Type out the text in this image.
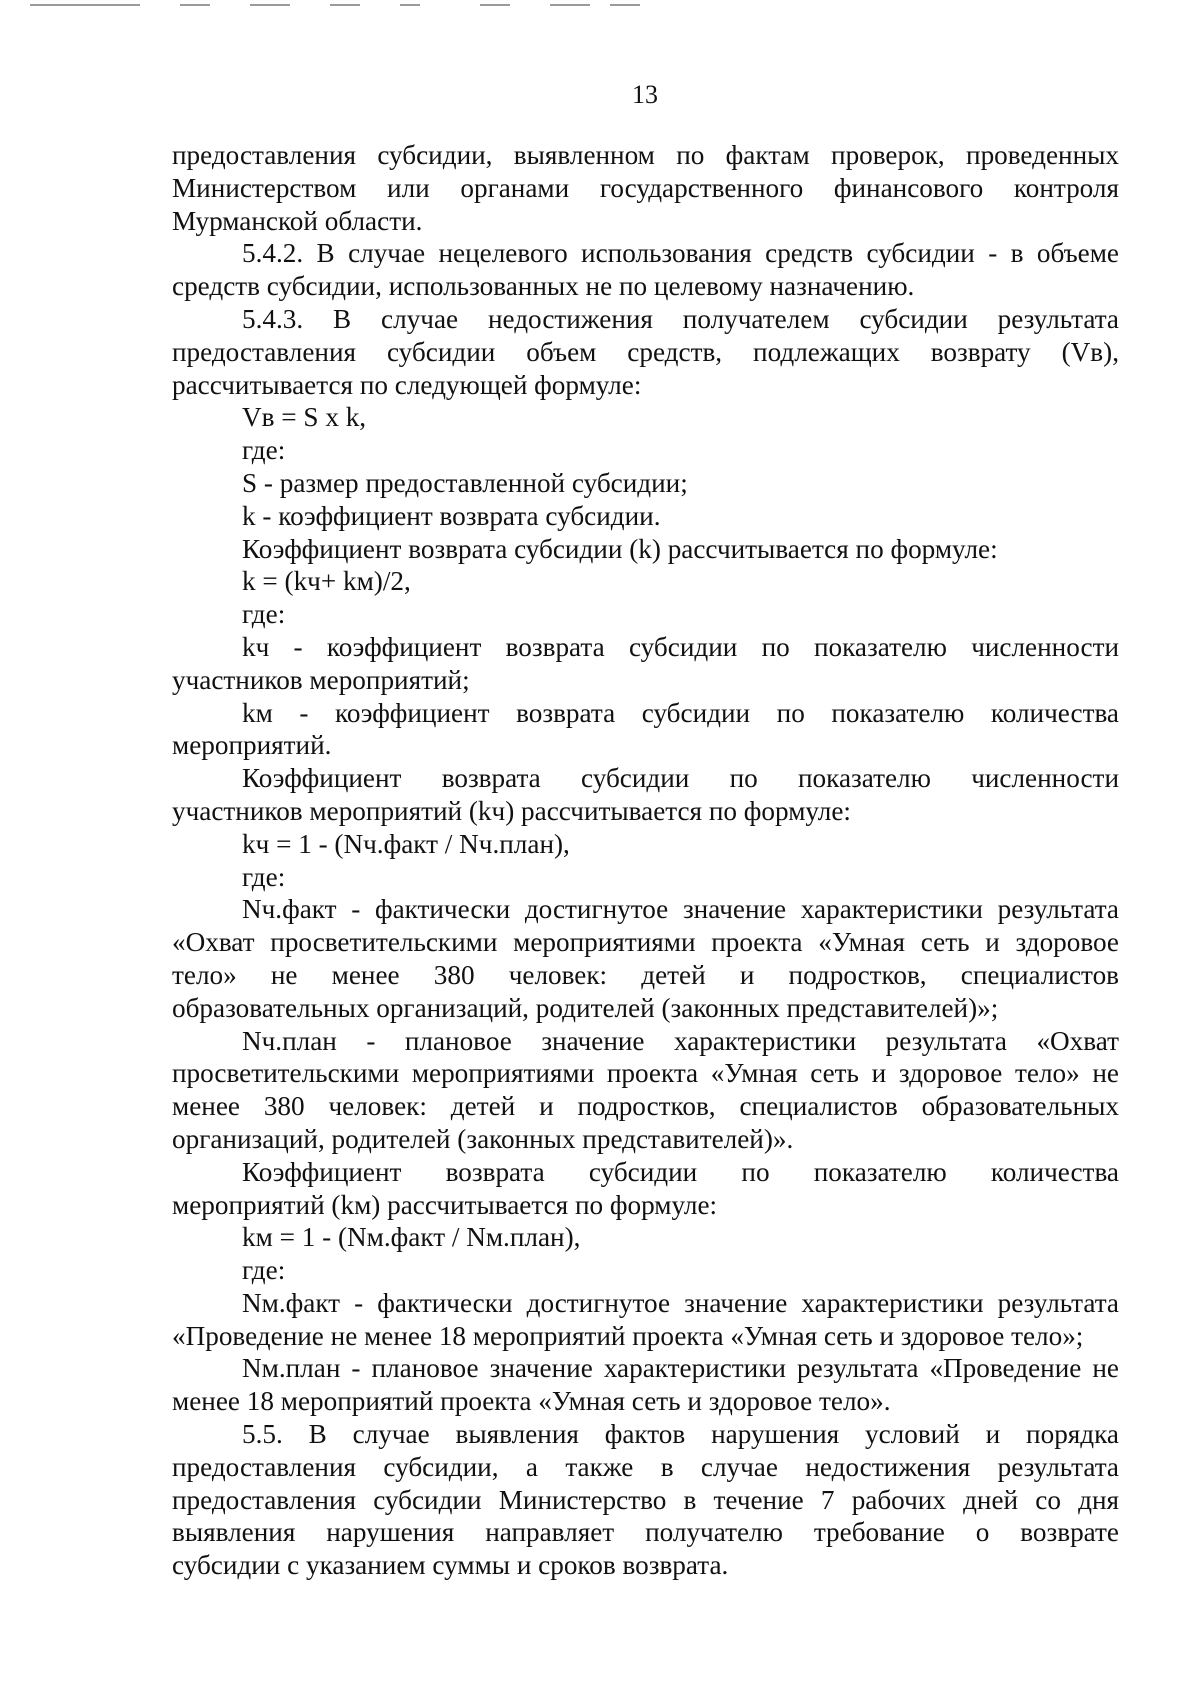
13
предоставления субсидии, выявленном по фактам проверок, проведенных
Министерством или органами государственного финансового контроля
Мурманской области.
5.4.2. В случае нецелевого использования средств субсидии - в объеме
средств субсидии, использованных не по целевому назначению.
5.4.3. В случае недостижения получателем субсидии результата
предоставления субсидии объем средств, подлежащих возврату (Vв),
рассчитывается по следующей формуле:
Vв = S x k,
где:
S - размер предоставленной субсидии;
k - коэффициент возврата субсидии.
Коэффициент возврата субсидии (k) рассчитывается по формуле:
k = (kч+ kм)/2,
где:
kч - коэффициент возврата субсидии по показателю численности
участников мероприятий;
kм - коэффициент возврата субсидии по показателю количества
мероприятий.
Коэффициент возврата субсидии по показателю численности
участников мероприятий (kч) рассчитывается по формуле:
kч = 1 - (Nч.факт / Nч.план),
где:
Nч.факт - фактически достигнутое значение характеристики результата
«Охват просветительскими мероприятиями проекта «Умная сеть и здоровое
тело» не менее 380 человек: детей и подростков, специалистов
образовательных организаций, родителей (законных представителей)»;
Nч.план - плановое значение характеристики результата «Охват
просветительскими мероприятиями проекта «Умная сеть и здоровое тело» не
менее 380 человек: детей и подростков, специалистов образовательных
организаций, родителей (законных представителей)».
Коэффициент возврата субсидии по показателю количества
мероприятий (kм) рассчитывается по формуле:
kм = 1 - (Nм.факт / Nм.план),
где:
Nм.факт - фактически достигнутое значение характеристики результата
«Проведение не менее 18 мероприятий проекта «Умная сеть и здоровое тело»;
Nм.план - плановое значение характеристики результата «Проведение не
менее 18 мероприятий проекта «Умная сеть и здоровое тело».
5.5. В случае выявления фактов нарушения условий и порядка
предоставления субсидии, а также в случае недостижения результата
предоставления субсидии Министерство в течение 7 рабочих дней со дня
выявления нарушения направляет получателю требование о возврате
субсидии с указанием суммы и сроков возврата.
